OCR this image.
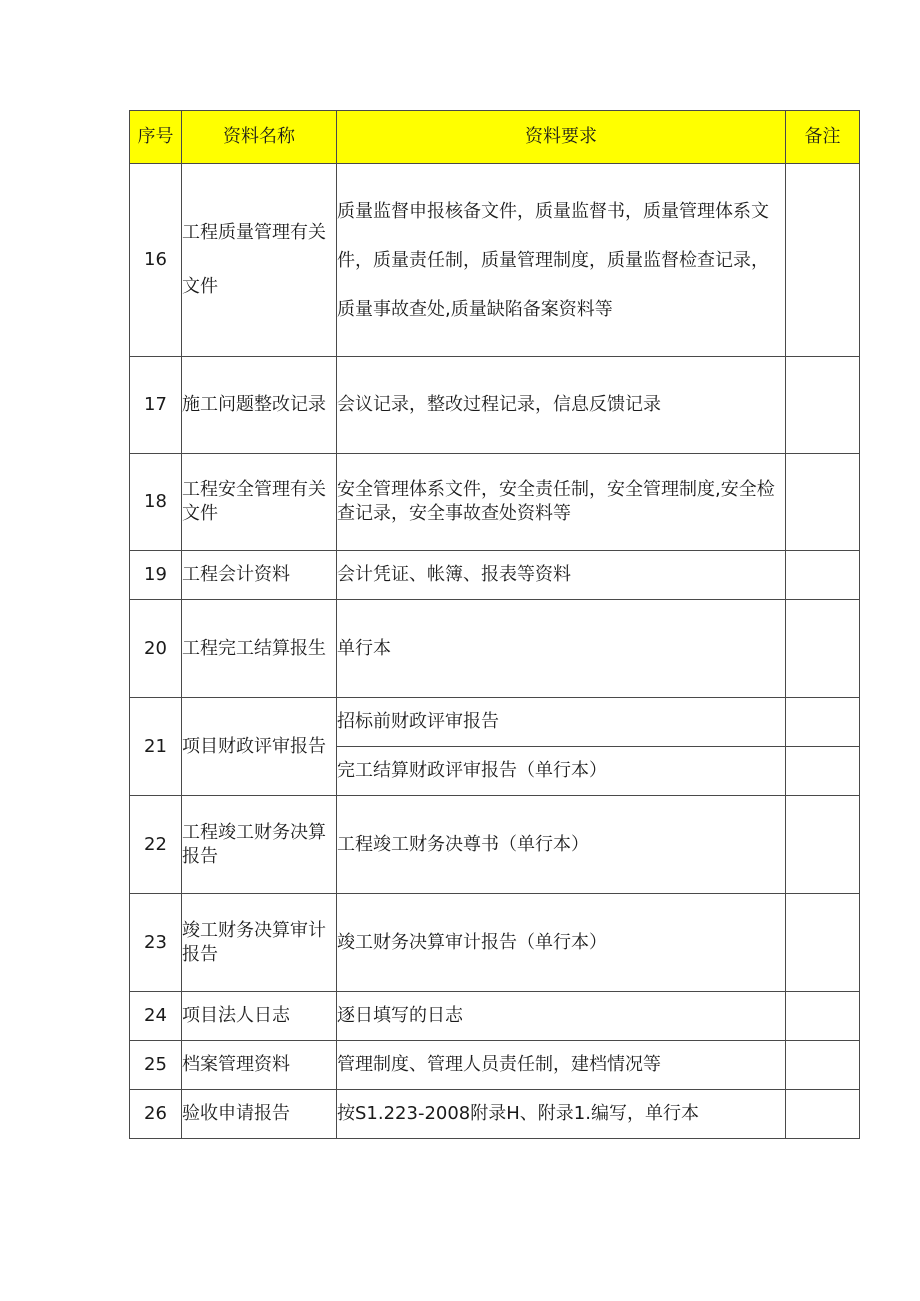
序号	资料名称	资料要求	备注
16	工程质量管理有关文件	质量监督申报核备文件，质量监督书，质量管理体系文件，质量责任制，质量管理制度，质量监督检查记录，质量事故查处,质量缺陷备案资料等	
17	施工问题整改记录	会议记录，整改过程记录，信息反馈记录	
18	工程安全管理有关文件	安全管理体系文件，安全责任制，安全管理制度,安全检查记录，安全事故查处资料等	
19	工程会计资料	会计凭证、帐簿、报表等资料	
20	工程完工结算报生	单行本	
21	项目财政评审报告	招标前财政评审报告	
		完工结算财政评审报告（单行本）	
22	工程竣工财务决算报告	工程竣工财务决尊书（单行本）	
23	竣工财务决算审计报告	竣工财务决算审计报告（单行本）	
24	项目法人日志	逐日填写的日志	
25	档案管理资料	管理制度、管理人员责任制，建档情况等	
26	验收申请报告	按S1.223-2008附录H、附录1.编写，单行本	
